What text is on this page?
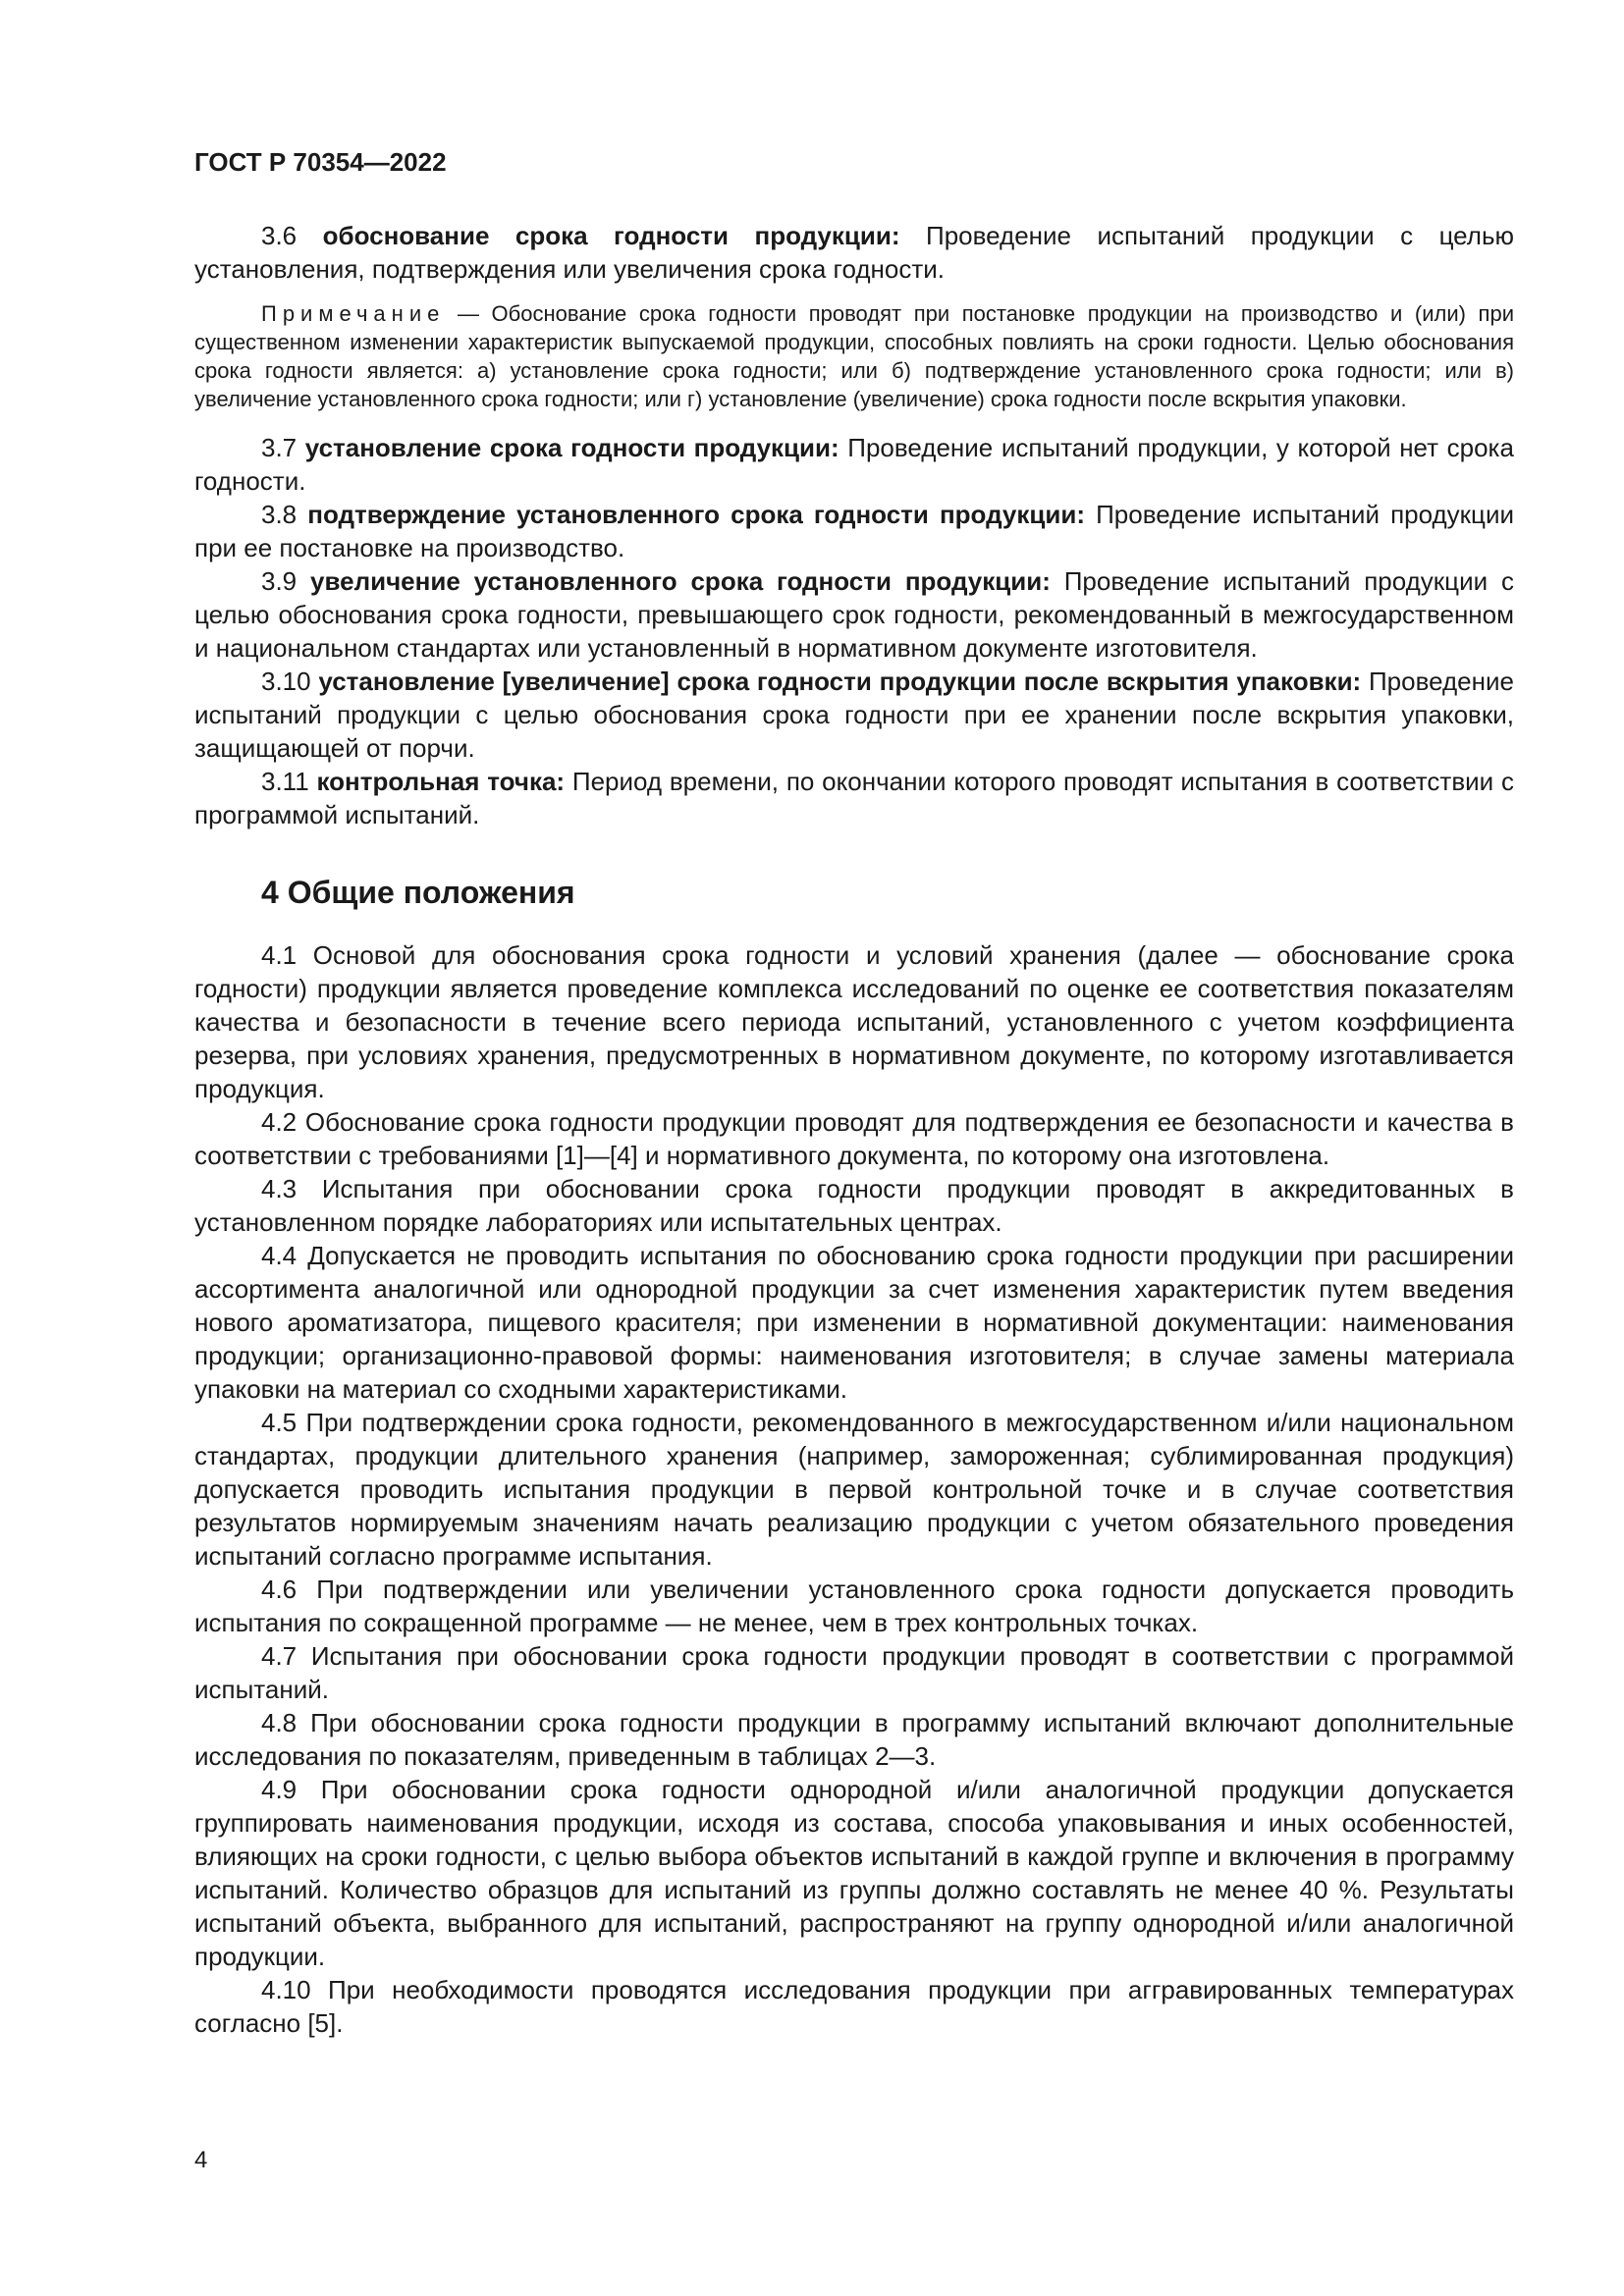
ГОСТ Р 70354—2022

3.6 обоснование срока годности продукции: Проведение испытаний продукции с целью установления, подтверждения или увеличения срока годности.

Примечание — Обоснование срока годности проводят при постановке продукции на производство и (или) при существенном изменении характеристик выпускаемой продукции, способных повлиять на сроки годности. Целью обоснования срока годности является: а) установление срока годности; или б) подтверждение установленного срока годности; или в) увеличение установленного срока годности; или г) установление (увеличение) срока годности после вскрытия упаковки.

3.7 установление срока годности продукции: Проведение испытаний продукции, у которой нет срока годности.

3.8 подтверждение установленного срока годности продукции: Проведение испытаний продукции при ее постановке на производство.

3.9 увеличение установленного срока годности продукции: Проведение испытаний продукции с целью обоснования срока годности, превышающего срок годности, рекомендованный в межгосударственном и национальном стандартах или установленный в нормативном документе изготовителя.

3.10 установление [увеличение] срока годности продукции после вскрытия упаковки: Проведение испытаний продукции с целью обоснования срока годности при ее хранении после вскрытия упаковки, защищающей от порчи.

3.11 контрольная точка: Период времени, по окончании которого проводят испытания в соответствии с программой испытаний.

4 Общие положения

4.1 Основой для обоснования срока годности и условий хранения (далее — обоснование срока годности) продукции является проведение комплекса исследований по оценке ее соответствия показателям качества и безопасности в течение всего периода испытаний, установленного с учетом коэффициента резерва, при условиях хранения, предусмотренных в нормативном документе, по которому изготавливается продукция.

4.2 Обоснование срока годности продукции проводят для подтверждения ее безопасности и качества в соответствии с требованиями [1]—[4] и нормативного документа, по которому она изготовлена.

4.3 Испытания при обосновании срока годности продукции проводят в аккредитованных в установленном порядке лабораториях или испытательных центрах.

4.4 Допускается не проводить испытания по обоснованию срока годности продукции при расширении ассортимента аналогичной или однородной продукции за счет изменения характеристик путем введения нового ароматизатора, пищевого красителя; при изменении в нормативной документации: наименования продукции; организационно-правовой формы: наименования изготовителя; в случае замены материала упаковки на материал со сходными характеристиками.

4.5 При подтверждении срока годности, рекомендованного в межгосударственном и/или национальном стандартах, продукции длительного хранения (например, замороженная; сублимированная продукция) допускается проводить испытания продукции в первой контрольной точке и в случае соответствия результатов нормируемым значениям начать реализацию продукции с учетом обязательного проведения испытаний согласно программе испытания.

4.6 При подтверждении или увеличении установленного срока годности допускается проводить испытания по сокращенной программе — не менее, чем в трех контрольных точках.

4.7 Испытания при обосновании срока годности продукции проводят в соответствии с программой испытаний.

4.8 При обосновании срока годности продукции в программу испытаний включают дополнительные исследования по показателям, приведенным в таблицах 2—3.

4.9 При обосновании срока годности однородной и/или аналогичной продукции допускается группировать наименования продукции, исходя из состава, способа упаковывания и иных особенностей, влияющих на сроки годности, с целью выбора объектов испытаний в каждой группе и включения в программу испытаний. Количество образцов для испытаний из группы должно составлять не менее 40 %. Результаты испытаний объекта, выбранного для испытаний, распространяют на группу однородной и/или аналогичной продукции.

4.10 При необходимости проводятся исследования продукции при аггравированных температурах согласно [5].

4
